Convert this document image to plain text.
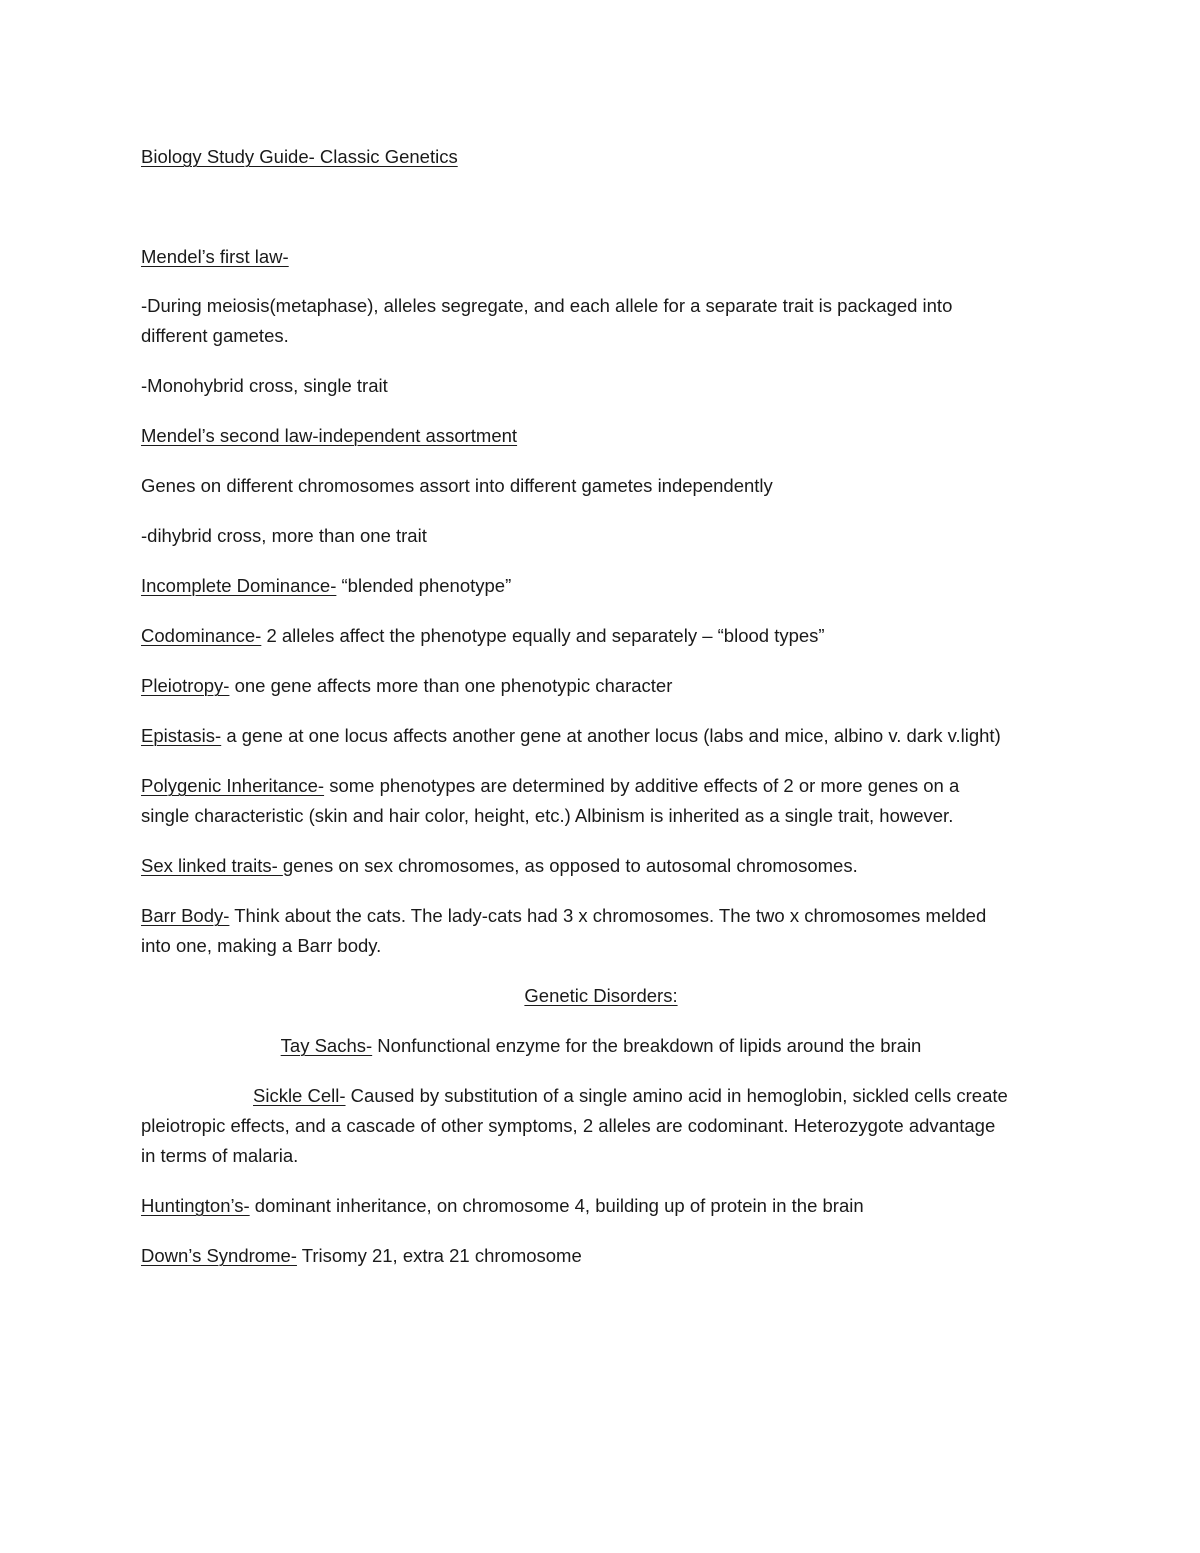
Biology Study Guide- Classic Genetics

Mendel’s first law-

-During meiosis(metaphase), alleles segregate, and each allele for a separate trait is packaged into

different gametes.

-Monohybrid cross, single trait

Mendel’s second law-independent assortment

Genes on different chromosomes assort into different gametes independently

-dihybrid cross, more than one trait

Incomplete Dominance- “blended phenotype”

Codominance- 2 alleles affect the phenotype equally and separately – “blood types”

Pleiotropy- one gene affects more than one phenotypic character

Epistasis- a gene at one locus affects another gene at another locus (labs and mice, albino v. dark v.light)

Polygenic Inheritance- some phenotypes are determined by additive effects of 2 or more genes on a

single characteristic (skin and hair color, height, etc.) Albinism is inherited as a single trait, however.

Sex linked traits- genes on sex chromosomes, as opposed to autosomal chromosomes.

Barr Body- Think about the cats. The lady-cats had 3 x chromosomes. The two x chromosomes melded

into one, making a Barr body.

Genetic Disorders:

Tay Sachs- Nonfunctional enzyme for the breakdown of lipids around the brain

Sickle Cell- Caused by substitution of a single amino acid in hemoglobin, sickled cells create

pleiotropic effects, and a cascade of other symptoms, 2 alleles are codominant. Heterozygote advantage

in terms of malaria.

Huntington’s- dominant inheritance, on chromosome 4, building up of protein in the brain

Down’s Syndrome- Trisomy 21, extra 21 chromosome
